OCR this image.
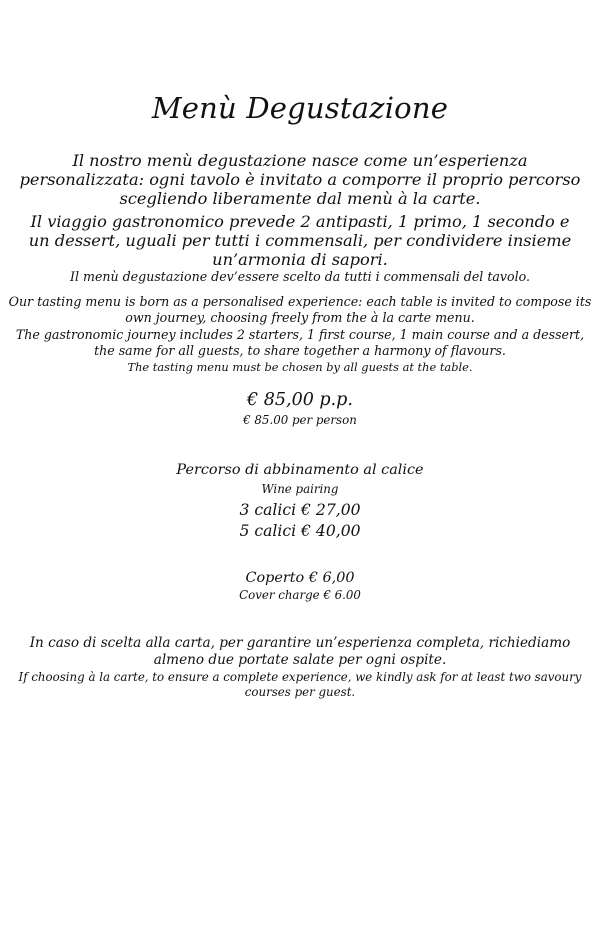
Menù Degustazione

Il nostro menù degustazione nasce come un’esperienza personalizzata: ogni tavolo è invitato a comporre il proprio percorso scegliendo liberamente dal menù à la carte.

Il viaggio gastronomico prevede 2 antipasti, 1 primo, 1 secondo e un dessert, uguali per tutti i commensali, per condividere insieme un’armonia di sapori.

Il menù degustazione dev’essere scelto da tutti i commensali del tavolo.

Our tasting menu is born as a personalised experience: each table is invited to compose its own journey, choosing freely from the à la carte menu.

The gastronomic journey includes 2 starters, 1 first course, 1 main course and a dessert, the same for all guests, to share together a harmony of flavours.

The tasting menu must be chosen by all guests at the table.

€ 85,00 p.p.
€ 85.00 per person
Percorso di abbinamento al calice
Wine pairing
3 calici € 27,00
5 calici € 40,00
Coperto € 6,00
Cover charge € 6.00

In caso di scelta alla carta, per garantire un’esperienza completa, richiediamo almeno due portate salate per ogni ospite.

If choosing à la carte, to ensure a complete experience, we kindly ask for at least two savoury courses per guest.
